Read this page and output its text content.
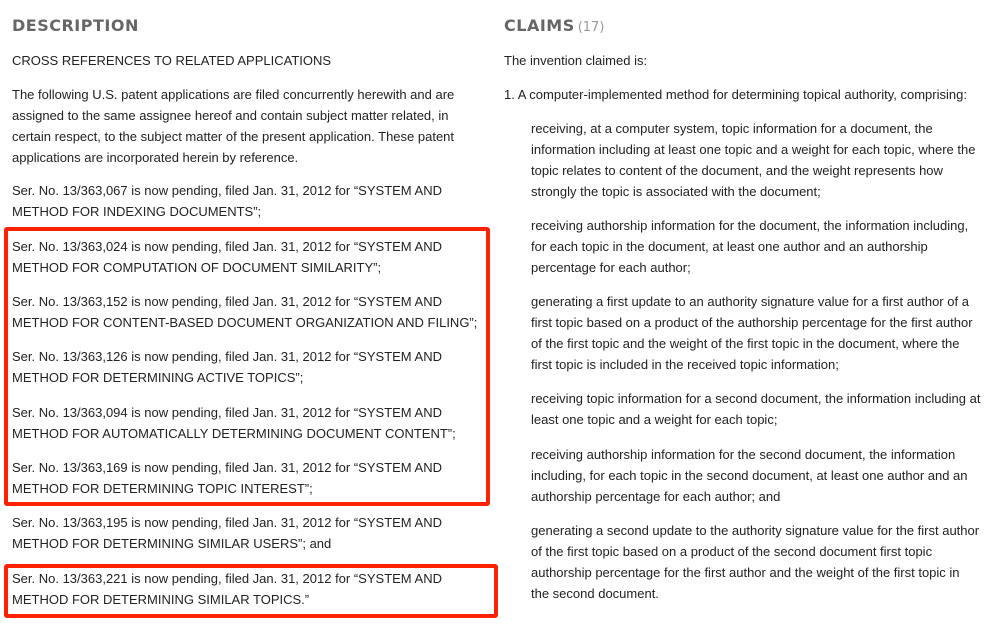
DESCRIPTION

CROSS REFERENCES TO RELATED APPLICATIONS

The following U.S. patent applications are filed concurrently herewith and are assigned to the same assignee hereof and contain subject matter related, in certain respect, to the subject matter of the present application. These patent applications are incorporated herein by reference.

Ser. No. 13/363,067 is now pending, filed Jan. 31, 2012 for “SYSTEM AND METHOD FOR INDEXING DOCUMENTS”;

Ser. No. 13/363,024 is now pending, filed Jan. 31, 2012 for “SYSTEM AND METHOD FOR COMPUTATION OF DOCUMENT SIMILARITY”;

Ser. No. 13/363,152 is now pending, filed Jan. 31, 2012 for “SYSTEM AND METHOD FOR CONTENT-BASED DOCUMENT ORGANIZATION AND FILING”;

Ser. No. 13/363,126 is now pending, filed Jan. 31, 2012 for “SYSTEM AND METHOD FOR DETERMINING ACTIVE TOPICS”;

Ser. No. 13/363,094 is now pending, filed Jan. 31, 2012 for “SYSTEM AND METHOD FOR AUTOMATICALLY DETERMINING DOCUMENT CONTENT”;

Ser. No. 13/363,169 is now pending, filed Jan. 31, 2012 for “SYSTEM AND METHOD FOR DETERMINING TOPIC INTEREST”;

Ser. No. 13/363,195 is now pending, filed Jan. 31, 2012 for “SYSTEM AND METHOD FOR DETERMINING SIMILAR USERS”; and

Ser. No. 13/363,221 is now pending, filed Jan. 31, 2012 for “SYSTEM AND METHOD FOR DETERMINING SIMILAR TOPICS.”

CLAIMS (17)

The invention claimed is:

1. A computer-implemented method for determining topical authority, comprising:

receiving, at a computer system, topic information for a document, the information including at least one topic and a weight for each topic, where the topic relates to content of the document, and the weight represents how strongly the topic is associated with the document;

receiving authorship information for the document, the information including, for each topic in the document, at least one author and an authorship percentage for each author;

generating a first update to an authority signature value for a first author of a first topic based on a product of the authorship percentage for the first author of the first topic and the weight of the first topic in the document, where the first topic is included in the received topic information;

receiving topic information for a second document, the information including at least one topic and a weight for each topic;

receiving authorship information for the second document, the information including, for each topic in the second document, at least one author and an authorship percentage for each author; and

generating a second update to the authority signature value for the first author of the first topic based on a product of the second document first topic authorship percentage for the first author and the weight of the first topic in the second document.
